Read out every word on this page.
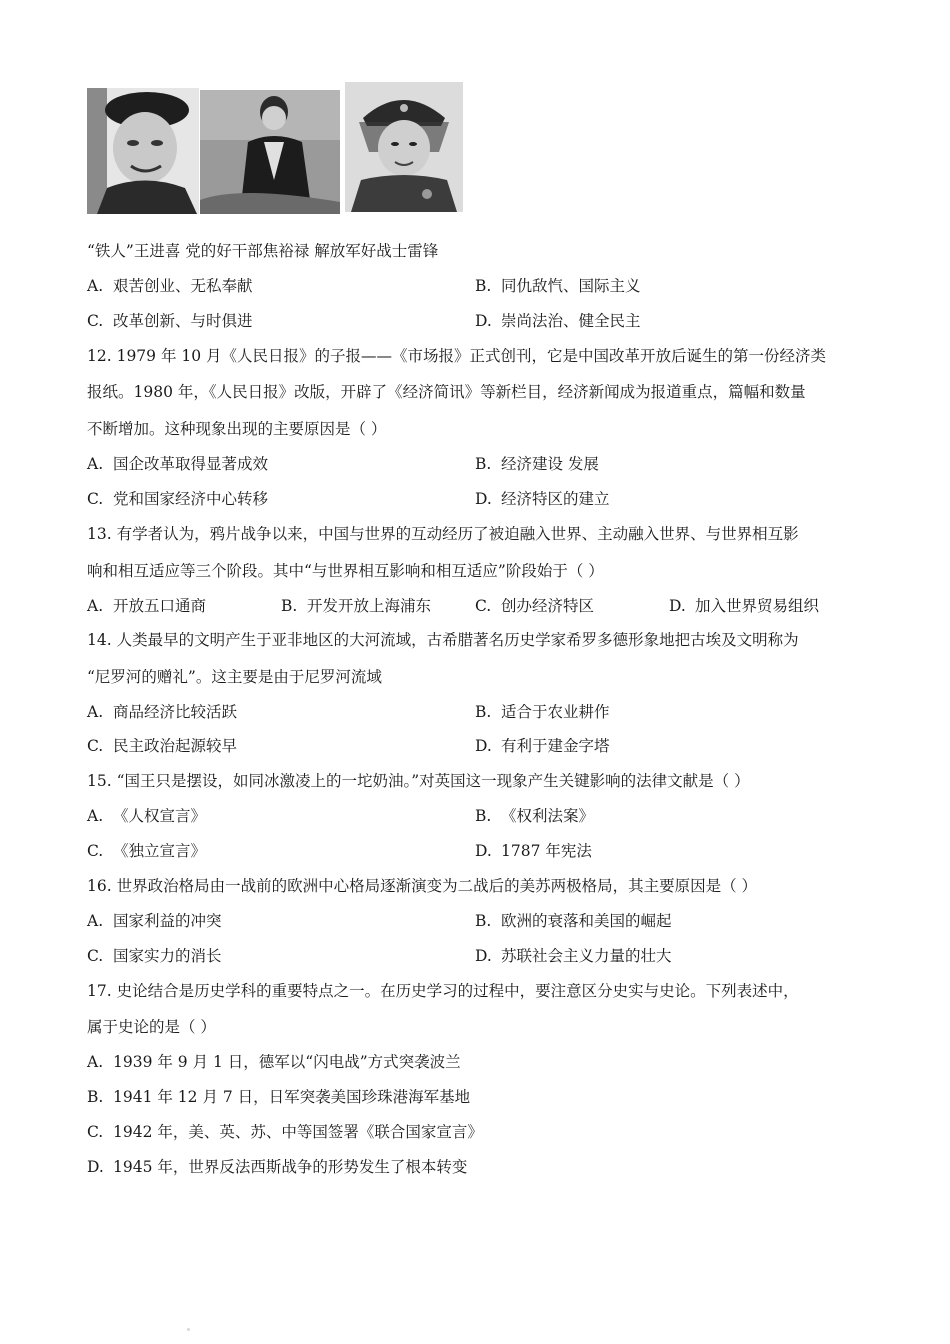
“铁人”王进喜 党的好干部焦裕禄 解放军好战士雷锋
A. 艰苦创业、无私奉献	B. 同仇敌忾、国际主义
C. 改革创新、与时俱进	D. 崇尚法治、健全民主
12. 1979 年 10 月《人民日报》的子报——《市场报》正式创刊，它是中国改革开放后诞生的第一份经济类
报纸。1980 年，《人民日报》改版，开辟了《经济简讯》等新栏目，经济新闻成为报道重点，篇幅和数量
不断增加。这种现象出现的主要原因是（ ）
A. 国企改革取得显著成效	B. 经济建设 发展
C. 党和国家经济中心转移	D. 经济特区的建立
13. 有学者认为，鸦片战争以来，中国与世界的互动经历了被迫融入世界、主动融入世界、与世界相互影
响和相互适应等三个阶段。其中“与世界相互影响和相互适应”阶段始于（ ）
A. 开放五口通商	B. 开发开放上海浦东	C. 创办经济特区	D. 加入世界贸易组织
14. 人类最早的文明产生于亚非地区的大河流域，古希腊著名历史学家希罗多德形象地把古埃及文明称为
“尼罗河的赠礼”。这主要是由于尼罗河流域
A. 商品经济比较活跃	B. 适合于农业耕作
C. 民主政治起源较早	D. 有利于建金字塔
15. “国王只是摆设，如同冰激凌上的一坨奶油。”对英国这一现象产生关键影响的法律文献是（ ）
A. 《人权宣言》	B. 《权利法案》
C. 《独立宣言》	D. 1787 年宪法
16. 世界政治格局由一战前的欧洲中心格局逐渐演变为二战后的美苏两极格局，其主要原因是（ ）
A. 国家利益的冲突	B. 欧洲的衰落和美国的崛起
C. 国家实力的消长	D. 苏联社会主义力量的壮大
17. 史论结合是历史学科的重要特点之一。在历史学习的过程中，要注意区分史实与史论。下列表述中，
属于史论的是（ ）
A. 1939 年 9 月 1 日，德军以“闪电战”方式突袭波兰
B. 1941 年 12 月 7 日，日军突袭美国珍珠港海军基地
C. 1942 年，美、英、苏、中等国签署《联合国家宣言》
D. 1945 年，世界反法西斯战争的形势发生了根本转变
